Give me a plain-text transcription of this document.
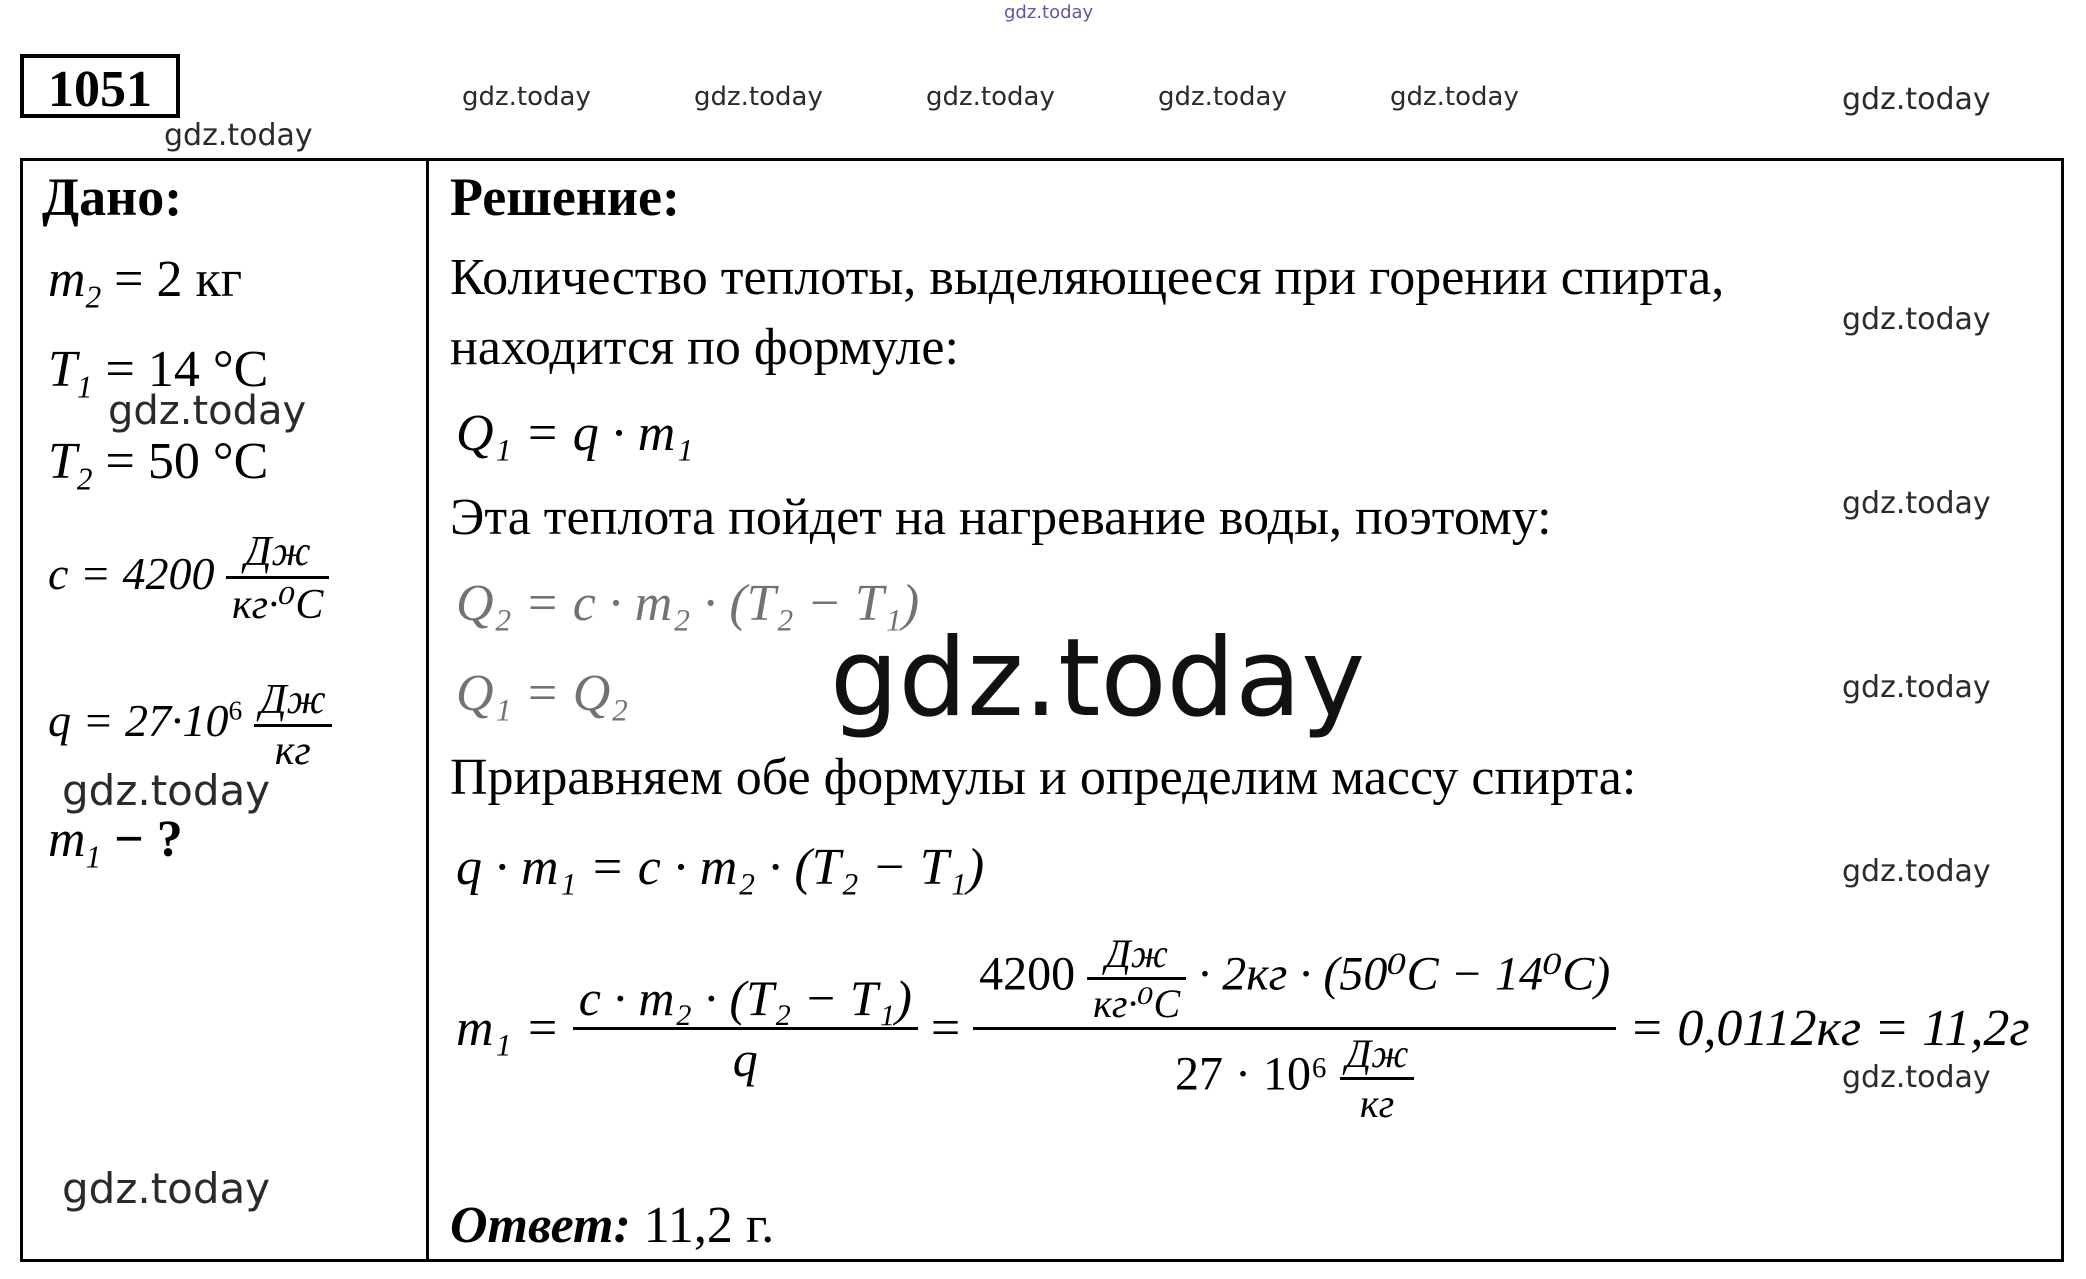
gdz.today
gdz.today	gdz.today	gdz.today	gdz.today	gdz.today	gdz.today
gdz.today
gdz.today
gdz.today
gdz.today
gdz.today
gdz.today
gdz.today
gdz.today
gdz.today
gdz.today
1051
Дано:
$m_2 = 2$ кг
$T_1 = 14$ °C
$T_2 = 50$ °C
$c = 4200 \frac{Дж}{\text{кг·⁰C}}$
$q = 27\cdot 10^6 \frac{Дж}{кг}$
$m_1$ − ?
Решение:
Количество теплоты, выделяющееся при горении спирта,
находится по формуле:
Q₁ = q · m₁
Эта теплота пойдет на нагревание воды, поэтому:
Q₂ = c · m₂ · (T₂ − T₁)
Q₁ = Q₂
Приравняем обе формулы и определим массу спирта:
q · m₁ = c · m₂ · (T₂ − T₁)
$m_1 = \frac{\text{c · m₂ · (T₂ − T₁)}}{q} = \frac{4200 \frac{Дж}{\text{кг·⁰C}} \cdot 2кг \cdot (50^0C - 14^0C)}{27 \cdot 10^6 \frac{Дж}{кг}} = 0,0112кг = 11,2г$
Ответ: 11,2 г.
